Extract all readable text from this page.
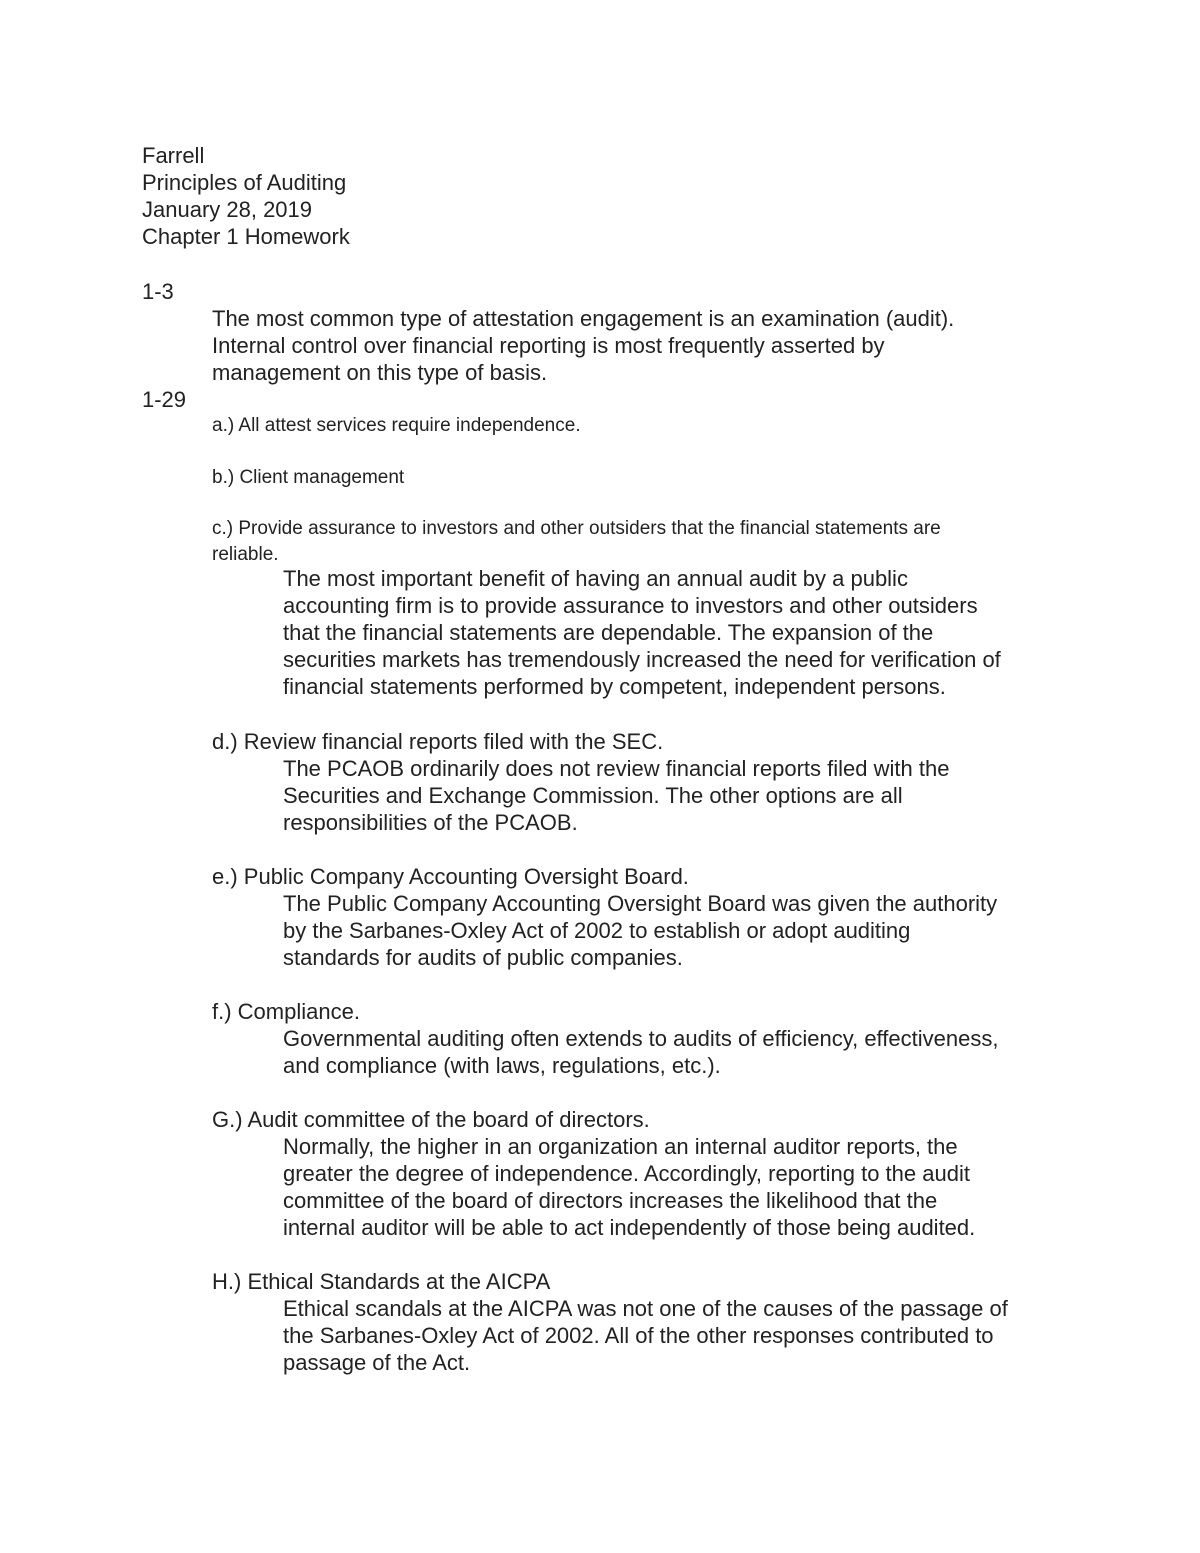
Farrell
Principles of Auditing
January 28, 2019
Chapter 1 Homework
1-3
The most common type of attestation engagement is an examination (audit).
Internal control over financial reporting is most frequently asserted by
management on this type of basis.
1-29
a.) All attest services require independence.
b.) Client management
c.) Provide assurance to investors and other outsiders that the financial statements are
reliable.
The most important benefit of having an annual audit by a public
accounting firm is to provide assurance to investors and other outsiders
that the financial statements are dependable. The expansion of the
securities markets has tremendously increased the need for verification of
financial statements performed by competent, independent persons.
d.) Review financial reports filed with the SEC.
The PCAOB ordinarily does not review financial reports filed with the
Securities and Exchange Commission. The other options are all
responsibilities of the PCAOB.
e.) Public Company Accounting Oversight Board.
The Public Company Accounting Oversight Board was given the authority
by the Sarbanes-Oxley Act of 2002 to establish or adopt auditing
standards for audits of public companies.
f.) Compliance.
Governmental auditing often extends to audits of efficiency, effectiveness,
and compliance (with laws, regulations, etc.).
G.) Audit committee of the board of directors.
Normally, the higher in an organization an internal auditor reports, the
greater the degree of independence. Accordingly, reporting to the audit
committee of the board of directors increases the likelihood that the
internal auditor will be able to act independently of those being audited.
H.) Ethical Standards at the AICPA
Ethical scandals at the AICPA was not one of the causes of the passage of
the Sarbanes-Oxley Act of 2002. All of the other responses contributed to
passage of the Act.
